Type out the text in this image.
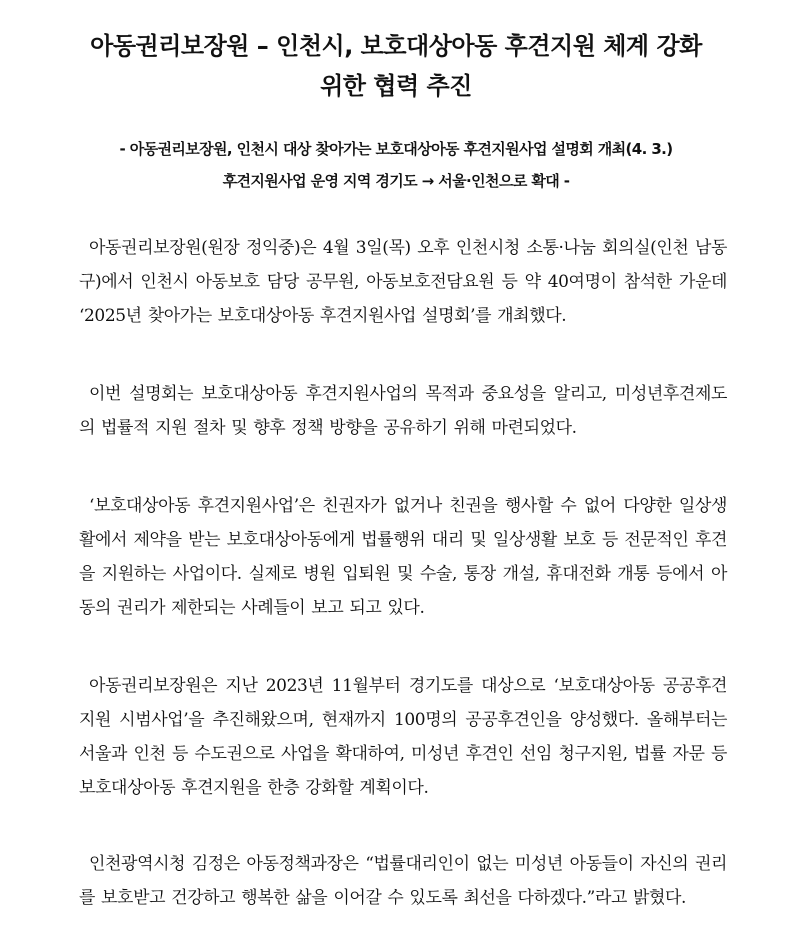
아동권리보장원 – 인천시, 보호대상아동 후견지원 체계 강화
위한 협력 추진
- 아동권리보장원, 인천시 대상 찾아가는 보호대상아동 후견지원사업 설명회 개최(4. 3.)
후견지원사업 운영 지역 경기도 → 서울·인천으로 확대 -

아동권리보장원(원장 정익중)은 4월 3일(목) 오후 인천시청 소통·나눔 회의실(인천 남동구)에서 인천시 아동보호 담당 공무원, 아동보호전담요원 등 약 40여명이 참석한 가운데 ‘2025년 찾아가는 보호대상아동 후견지원사업 설명회’를 개최했다.

이번 설명회는 보호대상아동 후견지원사업의 목적과 중요성을 알리고, 미성년후견제도의 법률적 지원 절차 및 향후 정책 방향을 공유하기 위해 마련되었다.

‘보호대상아동 후견지원사업’은 친권자가 없거나 친권을 행사할 수 없어 다양한 일상생활에서 제약을 받는 보호대상아동에게 법률행위 대리 및 일상생활 보호 등 전문적인 후견을 지원하는 사업이다. 실제로 병원 입퇴원 및 수술, 통장 개설, 휴대전화 개통 등에서 아동의 권리가 제한되는 사례들이 보고 되고 있다.

아동권리보장원은 지난 2023년 11월부터 경기도를 대상으로 ‘보호대상아동 공공후견지원 시범사업’을 추진해왔으며, 현재까지 100명의 공공후견인을 양성했다. 올해부터는 서울과 인천 등 수도권으로 사업을 확대하여, 미성년 후견인 선임 청구지원, 법률 자문 등 보호대상아동 후견지원을 한층 강화할 계획이다.

인천광역시청 김정은 아동정책과장은 “법률대리인이 없는 미성년 아동들이 자신의 권리를 보호받고 건강하고 행복한 삶을 이어갈 수 있도록 최선을 다하겠다.”라고 밝혔다.
